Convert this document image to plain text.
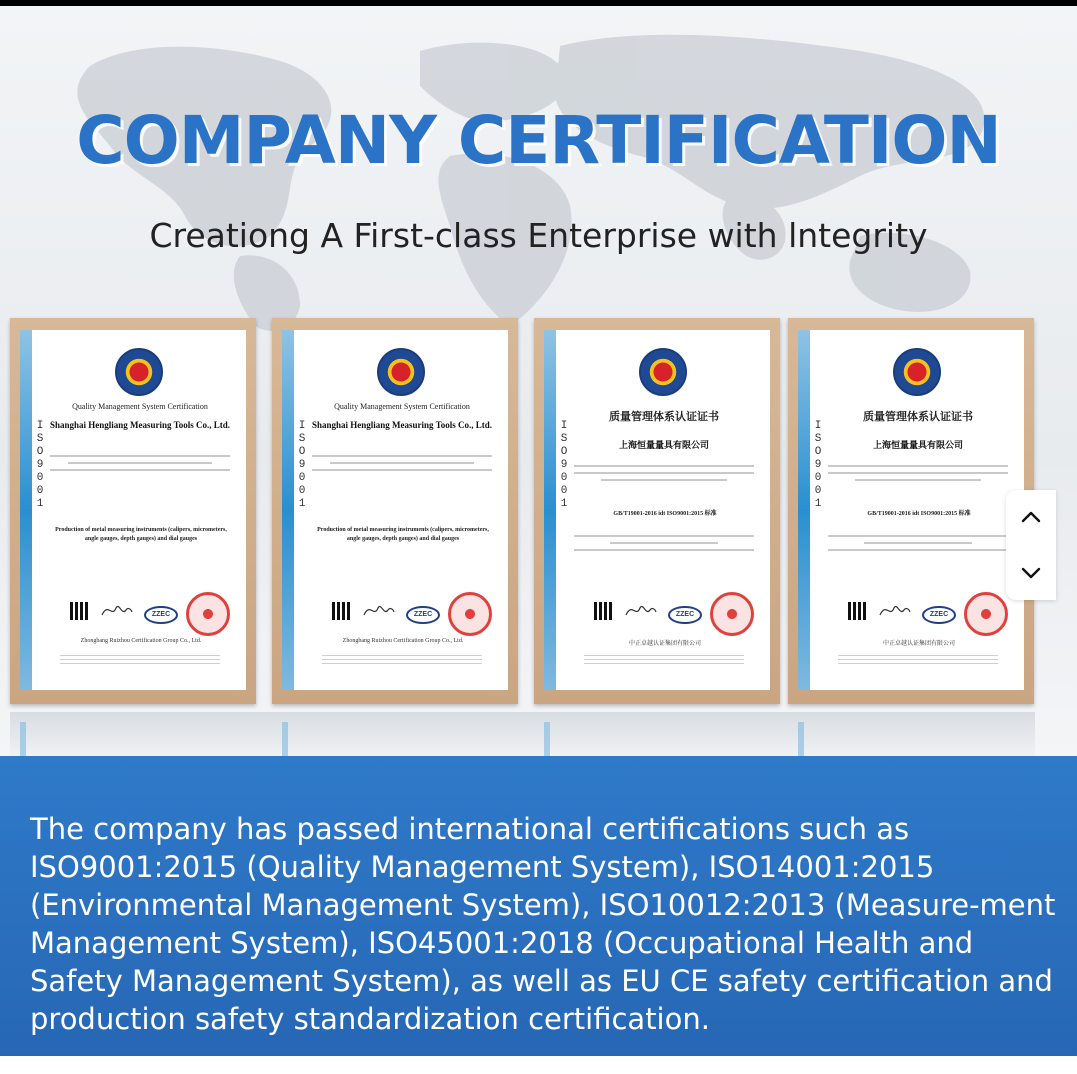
COMPANY CERTIFICATION
Creationg A First-class Enterprise with lntegrity
ISO9001
Quality Management System Certification
Shanghai Hengliang Measuring Tools Co., Ltd.
Production of metal measuring instruments (calipers, micrometers, angle gauges, depth gauges) and dial gauges
ZZEC
Zhongbang Ruizhou Certification Group Co., Ltd.
ISO9001
Quality Management System Certification
Shanghai Hengliang Measuring Tools Co., Ltd.
Production of metal measuring instruments (calipers, micrometers, angle gauges, depth gauges) and dial gauges
ZZEC
Zhongbang Ruizhou Certification Group Co., Ltd.
ISO9001
质量管理体系认证证书
上海恒量量具有限公司
GB/T19001-2016 idt ISO9001:2015 标准
ZZEC
中正卓越认证集团有限公司
ISO9001
质量管理体系认证证书
上海恒量量具有限公司
GB/T19001-2016 idt ISO9001:2015 标准
ZZEC
中正卓越认证集团有限公司

The company has passed international certifications such as ISO9001:2015 (Quality Management System), ISO14001:2015 (Environmental Management System), ISO10012:2013 (Measure-ment Management System), ISO45001:2018 (Occupational Health and Safety Management System), as well as EU CE safety certification and production safety standardization certification.
